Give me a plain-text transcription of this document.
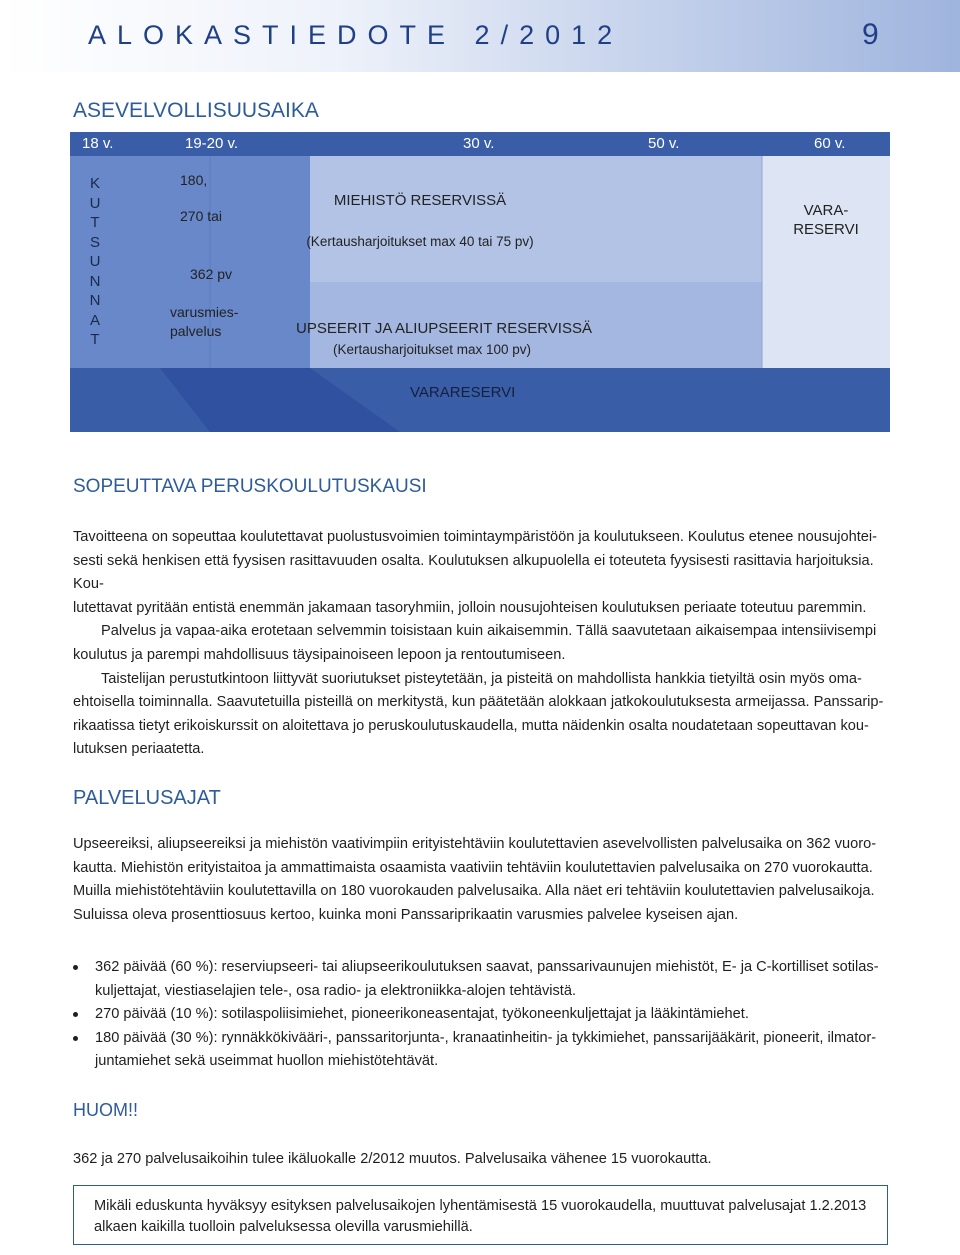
ALOKASTIEDOTE 2/2012	9
ASEVELVOLLISUUSAIKA
18 v.	19-20 v.	30 v.	50 v.	60 v.
K
U
T
S
U
N
N
A
T
180,
270 tai
362 pv
varusmies-
palvelus
MIEHISTÖ RESERVISSÄ
(Kertausharjoitukset max 40 tai 75 pv)
UPSEERIT JA ALIUPSEERIT RESERVISSÄ
(Kertausharjoitukset max 100 pv)
VARA-
RESERVI
VARARESERVI
SOPEUTTAVA PERUSKOULUTUSKAUSI
Tavoitteena on sopeuttaa koulutettavat puolustusvoimien toimintaympäristöön ja koulutukseen. Koulutus etenee nousujohtei-
sesti sekä henkisen että fyysisen rasittavuuden osalta. Koulutuksen alkupuolella ei toteuteta fyysisesti rasittavia harjoituksia. Kou-
lutettavat pyritään entistä enemmän jakamaan tasoryhmiin, jolloin nousujohteisen koulutuksen periaate toteutuu paremmin.
Palvelus ja vapaa-aika erotetaan selvemmin toisistaan kuin aikaisemmin. Tällä saavutetaan aikaisempaa intensiivisempi
koulutus ja parempi mahdollisuus täysipainoiseen lepoon ja rentoutumiseen.
Taistelijan perustutkintoon liittyvät suoriutukset pisteytetään, ja pisteitä on mahdollista hankkia tietyiltä osin myös oma-
ehtoisella toiminnalla. Saavutetuilla pisteillä on merkitystä, kun päätetään alokkaan jatkokoulutuksesta armeijassa. Panssarip-
rikaatissa tietyt erikoiskurssit on aloitettava jo peruskoulutuskaudella, mutta näidenkin osalta noudatetaan sopeuttavan kou-
lutuksen periaatetta.
PALVELUSAJAT
Upseereiksi, aliupseereiksi ja miehistön vaativimpiin erityistehtäviin koulutettavien asevelvollisten palvelusaika on 362 vuoro-
kautta. Miehistön erityistaitoa ja ammattimaista osaamista vaativiin tehtäviin koulutettavien palvelusaika on 270 vuorokautta.
Muilla miehistötehtäviin koulutettavilla on 180 vuorokauden palvelusaika. Alla näet eri tehtäviin koulutettavien palvelusaikoja.
Suluissa oleva prosenttiosuus kertoo, kuinka moni Panssariprikaatin varusmies palvelee kyseisen ajan.
362 päivää (60 %): reserviupseeri- tai aliupseerikoulutuksen saavat, panssarivaunujen miehistöt, E- ja C-kortilliset sotilas-
kuljettajat, viestiaselajien tele-, osa radio- ja elektroniikka-alojen tehtävistä.
270 päivää (10 %): sotilaspoliisimiehet, pioneerikoneasentajat, työkoneenkuljettajat ja lääkintämiehet.
180 päivää (30 %): rynnäkkökivääri-, panssaritorjunta-, kranaatinheitin- ja tykkimiehet, panssarijääkärit, pioneerit, ilmator-
juntamiehet sekä useimmat huollon miehistötehtävät.
HUOM!!
362 ja 270 palvelusaikoihin tulee ikäluokalle 2/2012 muutos. Palvelusaika vähenee 15 vuorokautta.
Mikäli eduskunta hyväksyy esityksen palvelusaikojen lyhentämisestä 15 vuorokaudella, muuttuvat palvelusajat 1.2.2013
alkaen kaikilla tuolloin palveluksessa olevilla varusmiehillä.
